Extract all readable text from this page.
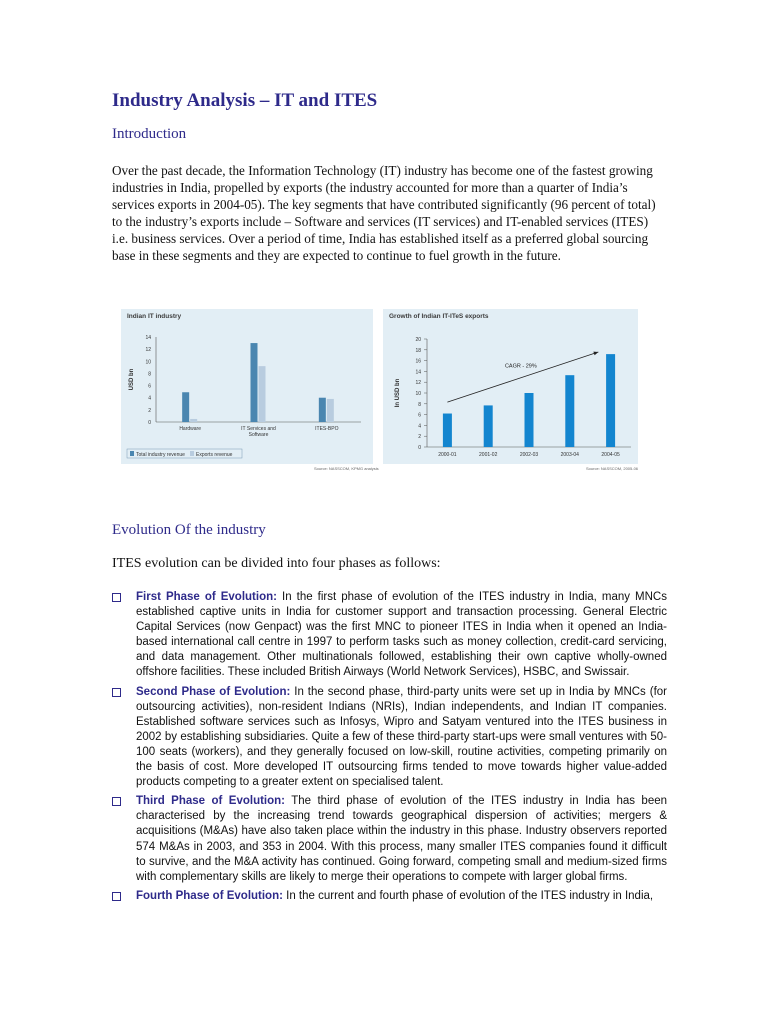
Industry Analysis – IT and ITES
Introduction

Over the past decade, the Information Technology (IT) industry has become one of the fastest growing industries in India, propelled by exports (the industry accounted for more than a quarter of India’s services exports in 2004-05). The key segments that have contributed significantly (96 percent of total) to the industry’s exports include – Software and services (IT services) and IT-enabled services (ITES) i.e. business services. Over a period of time, India has established itself as a preferred global sourcing base in these segments and they are expected to continue to fuel growth in the future.

Indian IT industry
0
2
4
6
8
10
12
14
USD bn
Hardware	IT Services and
Software
ITES-BPO
Total industry revenue Exports revenue
Source: NASSCOM, KPMG analysis
Growth of Indian IT-ITeS exports
0
2
4
6
8
10
12
14
16
18
20
In USD bn
2000-01	2001-02	2002-03	2003-04	2004-05
CAGR - 29%
Source: NASSCOM, 2005-06
Evolution Of the industry
ITES evolution can be divided into four phases as follows:
First Phase of Evolution: In the first phase of evolution of the ITES industry in India, many MNCs established captive units in India for customer support and transaction processing. General Electric Capital Services (now Genpact) was the first MNC to pioneer ITES in India when it opened an India-based international call centre in 1997 to perform tasks such as money collection, credit-card servicing, and data management. Other multinationals followed, establishing their own captive wholly-owned offshore facilities. These included British Airways (World Network Services), HSBC, and Swissair.
Second Phase of Evolution: In the second phase, third-party units were set up in India by MNCs (for outsourcing activities), non-resident Indians (NRIs), Indian independents, and Indian IT companies. Established software services such as Infosys, Wipro and Satyam ventured into the ITES business in 2002 by establishing subsidiaries. Quite a few of these third-party start-ups were small ventures with 50-100 seats (workers), and they generally focused on low-skill, routine activities, competing primarily on the basis of cost. More developed IT outsourcing firms tended to move towards higher value-added products competing to a greater extent on specialised talent.
Third Phase of Evolution: The third phase of evolution of the ITES industry in India has been characterised by the increasing trend towards geographical dispersion of activities; mergers & acquisitions (M&As) have also taken place within the industry in this phase. Industry observers reported 574 M&As in 2003, and 353 in 2004. With this process, many smaller ITES companies found it difficult to survive, and the M&A activity has continued. Going forward, competing small and medium-sized firms with complementary skills are likely to merge their operations to compete with larger global firms.
Fourth Phase of Evolution: In the current and fourth phase of evolution of the ITES industry in India,
